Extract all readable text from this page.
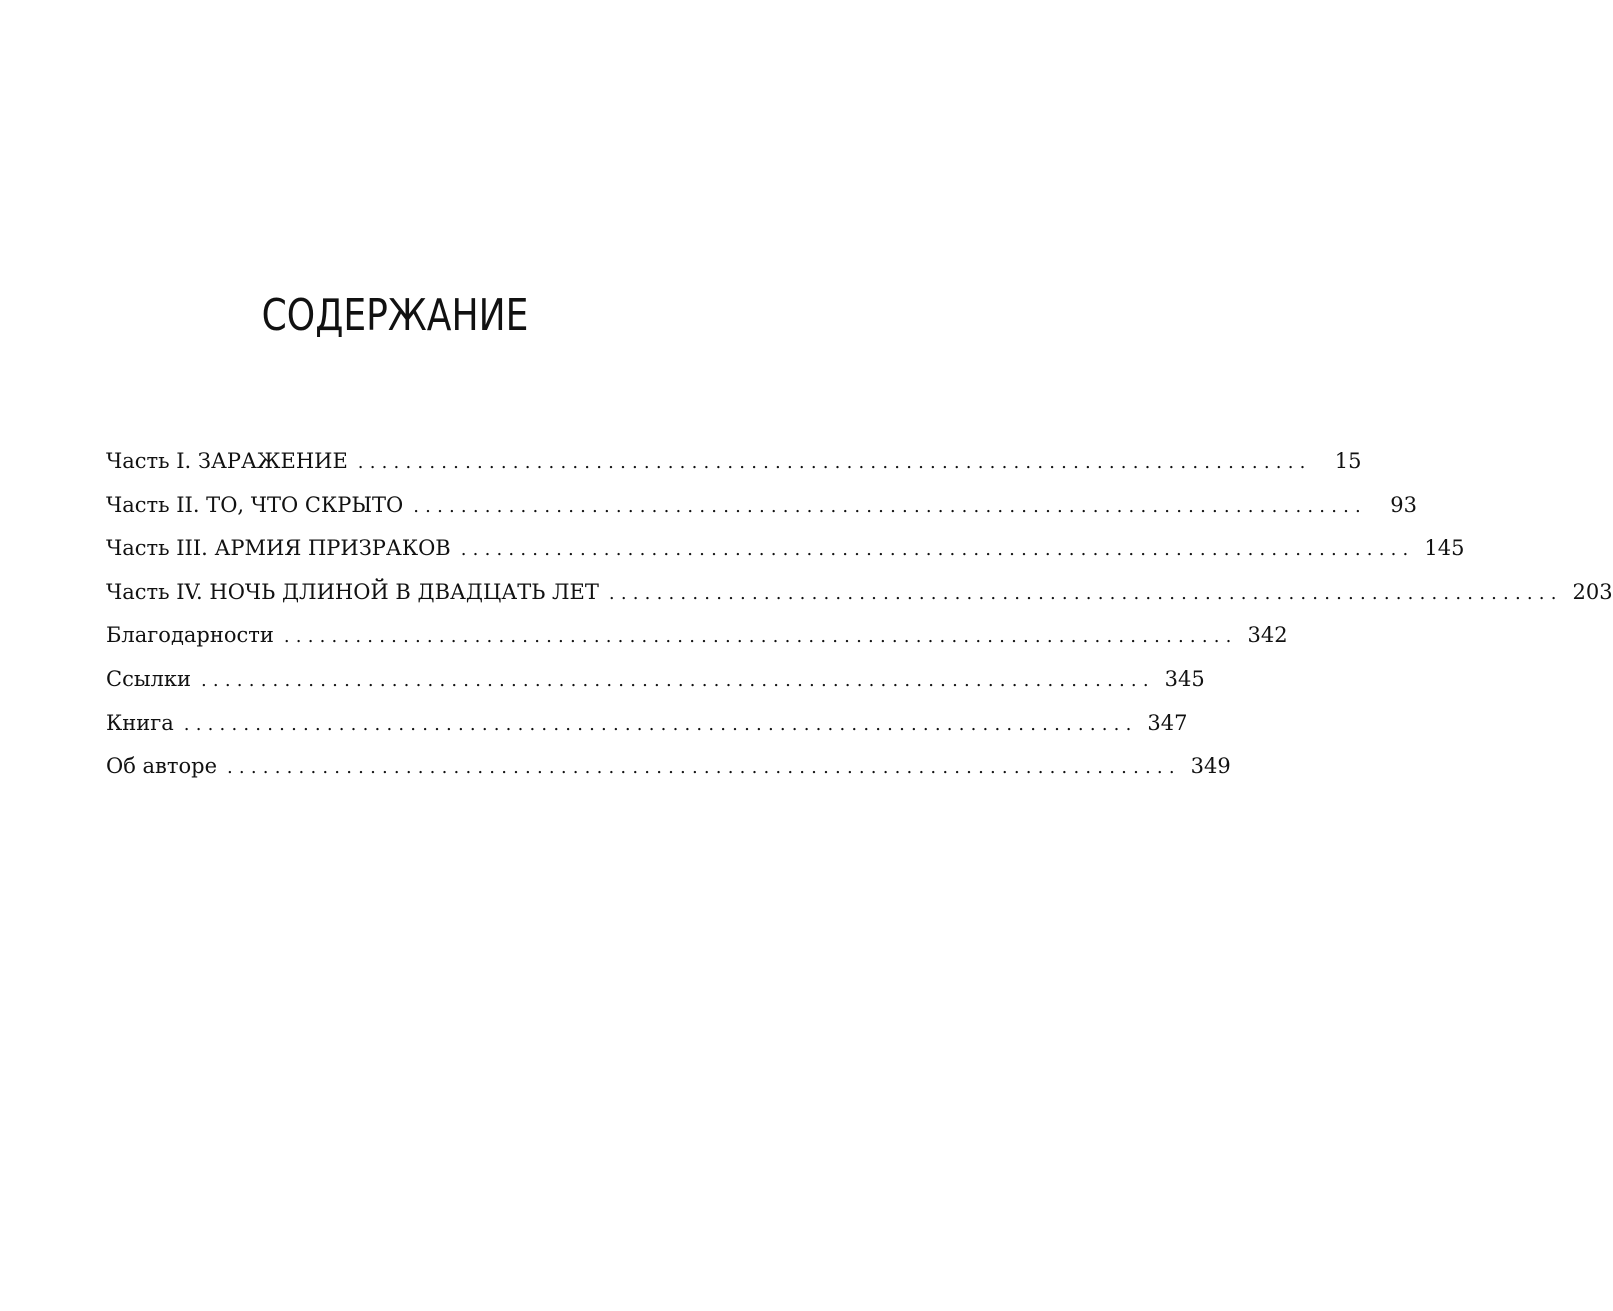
СОДЕРЖАНИЕ
Часть I. ЗАРАЖЕНИЕ ................................................................................	15
Часть II. ТО, ЧТО СКРЫТО ................................................................................	93
Часть III. АРМИЯ ПРИЗРАКОВ ................................................................................ 145
Часть IV. НОЧЬ ДЛИНОЙ В ДВАДЦАТЬ ЛЕТ ................................................................................ 203
Благодарности ................................................................................ 342
Ссылки ................................................................................ 345
Книга ................................................................................ 347
Об авторе ................................................................................ 349
